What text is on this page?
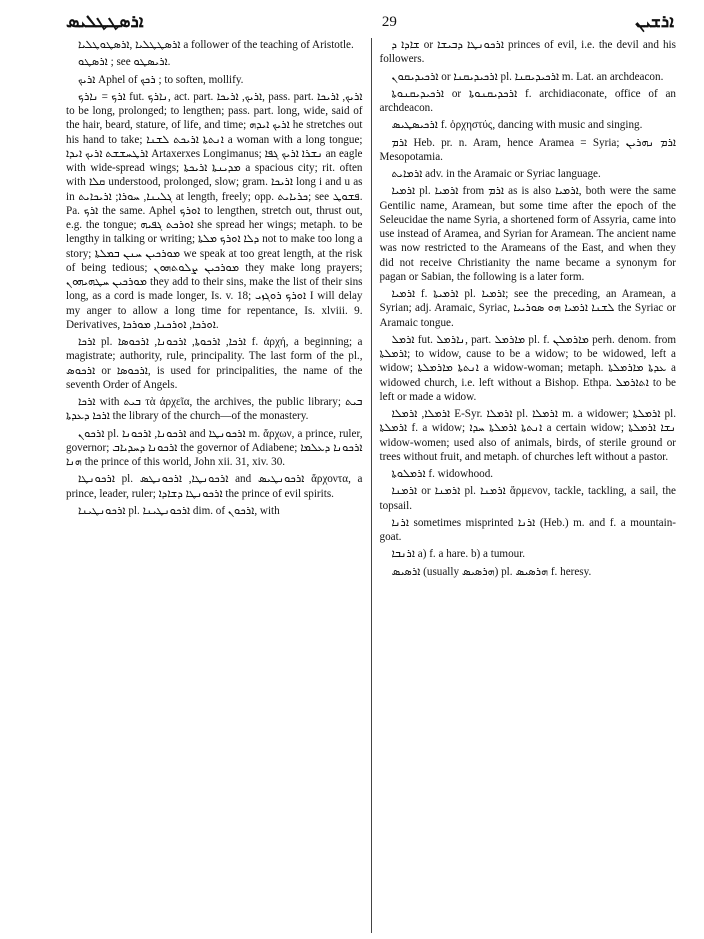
ܐܪܣܛܛܠܝܣ	29	ܐܪܫܝܢ

ܐܪܣܛܛܠܝܐ ,ܐܪܣܛܘܛܠܝܐ a follower of the teaching of Aristotle.

ܐܪܣܛܘ ; see ܐܪܝܣܛܘ.

ܐܪܝܟ Aphel of ܪܟܟ ; to soften, mollify.

ܐܪܟ = ܢܐܪܟ fut. ܢܐܪܟ, act. part. ܐܪܝܟ, ܐܪܝܟܐ, pass. part. ܐܪܝܟ, ܐܪܝܟܐ to be long, prolonged; to lengthen; pass. part. long, wide, said of the hair, beard, stature, of life, and time; ܐܪܝܟ ܐܝܕܗ he stretches out his hand to take; ܐܢܬܬܐ ܐܪܝܟܬ ܠܫܢܐ a woman with a long tongue; ܐܪܛܚܫܫܬ ܐܪܝܟ ܐܝܕܐ Artaxerxes Longimanus; ܢܫܪܐ ܐܪܝܟ ܓܦܐ an eagle with wide-spread wings; ܡܕܝܢܬܐ ܐܪܝܟܬܐ a spacious city; rit. often with ܩܠܐ understood, prolonged, slow; gram. ܐܪܝܟܐ long i and u as in ܓܠܝܢܐ, ܚܘܪܐ; ܐܪܝܟܐܝܬ at length, freely; opp. ܟܪܝܐܝܬ; see ܦܫܘܛ. Pa. ܐܪܟ the same. Aphel ܐܘܪܟ to lengthen, stretch out, thrust out, e.g. the tongue; ܐܘܪܟܬ ܓܦܝܗ she spread her wings; metaph. to be lengthy in talking or writing; ܕܠܐ ܐܘܪܟ ܡܠܬܐ not to make too long a story; ܡܘܪܟܝܢ ܚܢܢ ܒܡܠܬܐ we speak at too great length, at the risk of being tedious; ܡܘܪܟܝܢ ܨܠܘܬܗܘܢ they make long prayers; ܡܘܪܟܝܢ ܚܛܗܝܗܘܢ they add to their sins, make the list of their sins long, as a cord is made longer, Is. v. 18; ܐܘܪܟ ܪܘܓܙܝ I will delay my anger to allow a long time for repentance, Is. xlviii. 9. Derivatives, ܐܘܪܟܐ, ܐܘܪܟܢܐ, ܡܘܪܟܐ.

ܐܪܟܐ pl. ܐܪܟܐ, ܐܪܟܘܬܐ, ܐܪܟܘܢܐ, ܐܪܟܘܣܐ f. ἀρχή, a beginning; a magistrate; authority, rule, principality. The last form of the pl., ܐܪܟܘܣ or ܐܪܟܘܣܐ, is used for principalities, the name of the seventh Order of Angels.

ܐܪܟܐ with ܒܝܬ τὰ ἀρχεῖα, the archives, the public library; ܒܝܬ ܐܪܟܐ ܕܥܕܬܐ the library of the church—of the monastery.

ܐܪܟܘܢ pl. ܐܪܟܘܢܐ, ܐܪܟܘܢܐ and ܐܪܟܘܢܛܐ m. ἄρχων, a prince, ruler, governor; ܐܪܟܘܢܐ ܕܚܕܝܐܒ the governor of Adiabene; ܐܪܟܘܢܐ ܕܥܠܡܐ ܗܢܐ the prince of this world, John xii. 31, xiv. 30.

ܐܪܟܘܢܛܐ pl. ܐܪܟܘܢܛܐ, ܐܪܟܘܢܛܣ and ܐܪܟܘܢܛܝܣ ἄρχοντα, a prince, leader, ruler; ܐܪܟܘܢܛܐ ܕܫܐܕܐ the prince of evil spirits.

ܐܪܟܘܢܛܝܢܐ pl. ܐܪܟܘܢܛܝܢܐ dim. of ܐܪܟܘܢ, with

ܫܐܕܐ ܕ or ܐܪܟܘܢܛܐ ܕܒܝܫܐ princes of evil, i.e. the devil and his followers.

ܐܪܟܝܕܝܩܘܢ or ܐܪܟܝܕܝܩܢܐ pl. ܐܪܟܝܕܝܩܢܐ m. Lat. an archdeacon.

ܐܪܟܝܕܝܩܢܘܬܐ or ܐܪܟܕܝܩܢܘܬܐ f. archidiaconate, office of an archdeacon.

ܐܪܟܝܣܛܝܣ f. ὀρχηστύς, dancing with music and singing.

ܐܪܡ Heb. pr. n. Aram, hence Aramea = Syria; ܐܪܡ ܢܗܪܝܢ Mesopotamia.

ܐܪܡܐܝܬ adv. in the Aramaic or Syriac language.

ܐܪܡܝܐ pl. ܐܪܡܝܐ from ܐܪܡ as is also ܐܪܡܝܐ, both were the same Gentilic name, Aramean, but some time after the epoch of the Seleucidae the name Syria, a shortened form of Assyria, came into use instead of Aramea, and Syrian for Aramean. The ancient name was now restricted to the Arameans of the East, and when they did not receive Christianity the name became a synonym for pagan or Sabian, the following is a later form.

ܐܪܡܝܐ f. ܐܪܡܝܬܐ pl. ܐܪܡܝܐ; see the preceding, an Aramean, a Syrian; adj. Aramaic, Syriac, ܠܫܢܐ ܐܪܡܝܐ ܗܘ ܣܘܪܝܝܐ the Syriac or Aramaic tongue.

ܐܪܡܠ fut. ܢܐܪܡܠ, part. ܡܐܪܡܠ pl. f. ܡܐܪܡܠܢ perh. denom. from ܐܪܡܠܬܐ; to widow, cause to be a widow; to be widowed, left a widow; ܐܢܬܬܐ ܡܐܪܡܠܬܐ a widow-woman; metaph. ܥܕܬܐ ܡܐܪܡܠܬܐ a widowed church, i.e. left without a Bishop. Ethpa. ܐܬܐܪܡܠ to be left or made a widow.

ܐܪܡܠܐ, ܐܪܡܠܐ E-Syr. ܐܪܡܠܐ pl. ܐܪܡܠܐ m. a widower; ܐܪܡܠܬܐ pl. ܐܪܡܠܬܐ f. a widow; ܐܢܬܬܐ ܐܪܡܠܬܐ ܚܕܐ a certain widow; ܢܫܐ ܐܪܡܠܬܐ widow-women; used also of animals, birds, of sterile ground or trees without fruit, and metaph. of churches left without a pastor.

ܐܪܡܠܘܬܐ f. widowhood.

ܐܪܡܢܐ or ܐܪܡܢܐ pl. ܐܪܡܢܐ ἄρμενον, tackle, tackling, a sail, the topsail.

ܐܪܢܐ sometimes misprinted ܐܪܢܐ (Heb.) m. and f. a mountain-goat.

ܐܪܢܒܐ a) f. a hare. b) a tumour.

ܐܪܣܝܣ (usually ܗܪܣܝܣ) pl. ܗܪܣܝܣ f. heresy.
